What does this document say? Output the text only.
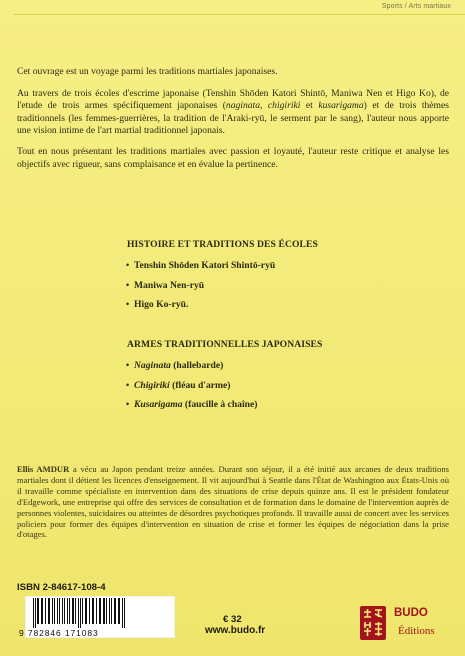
Sports / Arts martiaux

Cet ouvrage est un voyage parmi les traditions martiales japonaises.

Au travers de trois écoles d'escrime japonaise (Tenshin Shōden Katori Shintō, Maniwa Nen et Higo Ko), de l'etude de trois armes spécifiquement japonaises (naginata, chigiriki et kusarigama) et de trois thèmes traditionnels (les femmes-guerrières, la tradition de l'Araki-ryū, le serment par le sang), l'auteur nous apporte une vision intime de l'art martial traditionnel japonais.

Tout en nous présentant les traditions martiales avec passion et loyauté, l'auteur reste critique et analyse les objectifs avec rigueur, sans complaisance et en évalue la pertinence.

HISTOIRE ET TRADITIONS DES ÉCOLES
• Tenshin Shōden Katori Shintō-ryū
• Maniwa Nen-ryū
• Higo Ko-ryū.
ARMES TRADITIONNELLES JAPONAISES
• Naginata (hallebarde)
• Chigiriki (fléau d'arme)
• Kusarigama (faucille à chaîne)
Ellis AMDUR a vécu au Japon pendant treize années. Durant son séjour, il a été initié aux arcanes de deux traditions martiales dont il détient les licences d'enseignement. Il vit aujourd'hui à Seattle dans l'État de Washington aux États-Unis où il travaille comme spécialiste en intervention dans des situations de crise depuis quinze ans. Il est le président fondateur d'Edgework, une entreprise qui offre des services de consultation et de formation dans le domaine de l'intervention auprès de personnes violentes, suicidaires ou atteintes de désordres psychotiques profonds. Il travaille aussi de concert avec les services policiers pour former des équipes d'intervention en situation de crise et former les équipes de négociation dans la prise d'otages.
ISBN 2-84617-108-4
9 782846 171083
€ 32
www.budo.fr
BUDO
Éditions
